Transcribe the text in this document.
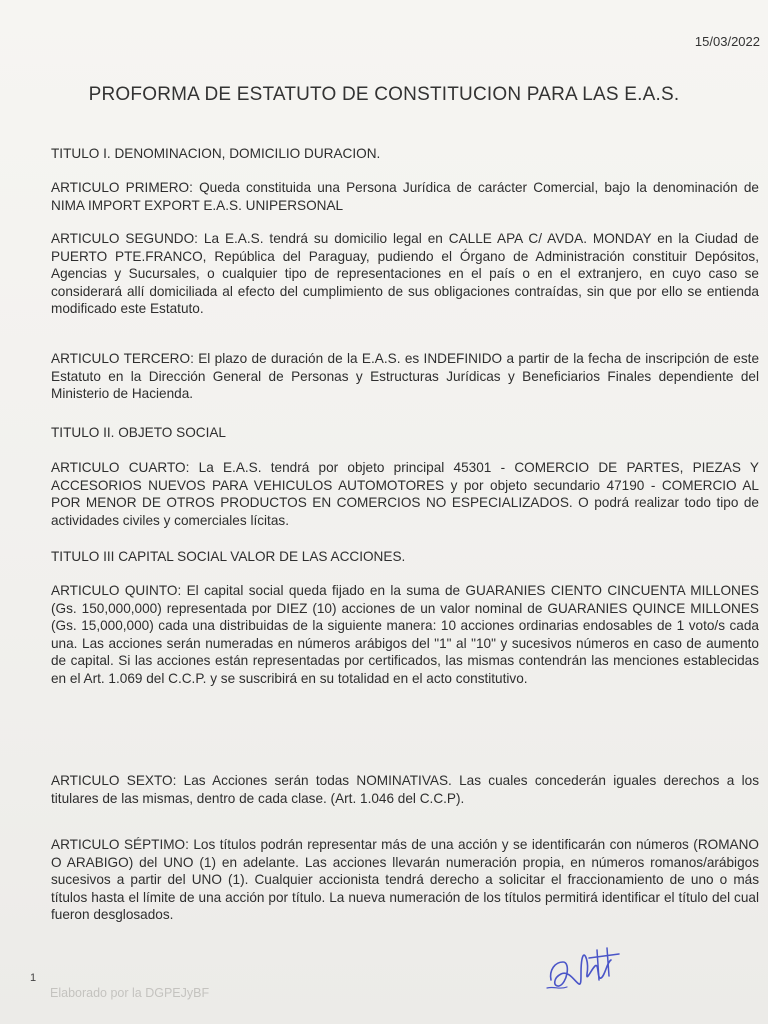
15/03/2022
PROFORMA DE ESTATUTO DE CONSTITUCION PARA LAS E.A.S.
TITULO I. DENOMINACION, DOMICILIO DURACION.
ARTICULO PRIMERO: Queda constituida una Persona Jurídica de carácter Comercial, bajo la denominación de NIMA IMPORT EXPORT E.A.S. UNIPERSONAL
ARTICULO SEGUNDO: La E.A.S. tendrá su domicilio legal en CALLE APA C/ AVDA. MONDAY en la Ciudad de PUERTO PTE.FRANCO, República del Paraguay, pudiendo el Órgano de Administración constituir Depósitos, Agencias y Sucursales, o cualquier tipo de representaciones en el país o en el extranjero, en cuyo caso se considerará allí domiciliada al efecto del cumplimiento de sus obligaciones contraídas, sin que por ello se entienda modificado este Estatuto.
ARTICULO TERCERO: El plazo de duración de la E.A.S. es INDEFINIDO a partir de la fecha de inscripción de este Estatuto en la Dirección General de Personas y Estructuras Jurídicas y Beneficiarios Finales dependiente del Ministerio de Hacienda.
TITULO II. OBJETO SOCIAL
ARTICULO CUARTO: La E.A.S. tendrá por objeto principal 45301 - COMERCIO DE PARTES, PIEZAS Y ACCESORIOS NUEVOS PARA VEHICULOS AUTOMOTORES y por objeto secundario 47190 - COMERCIO AL POR MENOR DE OTROS PRODUCTOS EN COMERCIOS NO ESPECIALIZADOS. O podrá realizar todo tipo de actividades civiles y comerciales lícitas.
TITULO III CAPITAL SOCIAL VALOR DE LAS ACCIONES.
ARTICULO QUINTO: El capital social queda fijado en la suma de GUARANIES CIENTO CINCUENTA MILLONES (Gs. 150,000,000) representada por DIEZ (10) acciones de un valor nominal de GUARANIES QUINCE MILLONES (Gs. 15,000,000) cada una distribuidas de la siguiente manera: 10 acciones ordinarias endosables de 1 voto/s cada una. Las acciones serán numeradas en números arábigos del "1" al "10" y sucesivos números en caso de aumento de capital. Si las acciones están representadas por certificados, las mismas contendrán las menciones establecidas en el Art. 1.069 del C.C.P. y se suscribirá en su totalidad en el acto constitutivo.
ARTICULO SEXTO: Las Acciones serán todas NOMINATIVAS. Las cuales concederán iguales derechos a los titulares de las mismas, dentro de cada clase. (Art. 1.046 del C.C.P).
ARTICULO SÉPTIMO: Los títulos podrán representar más de una acción y se identificarán con números (ROMANO O ARABIGO) del UNO (1) en adelante. Las acciones llevarán numeración propia, en números romanos/arábigos sucesivos a partir del UNO (1). Cualquier accionista tendrá derecho a solicitar el fraccionamiento de uno o más títulos hasta el límite de una acción por título. La nueva numeración de los títulos permitirá identificar el título del cual fueron desglosados.
1
Elaborado por la DGPEJyBF
